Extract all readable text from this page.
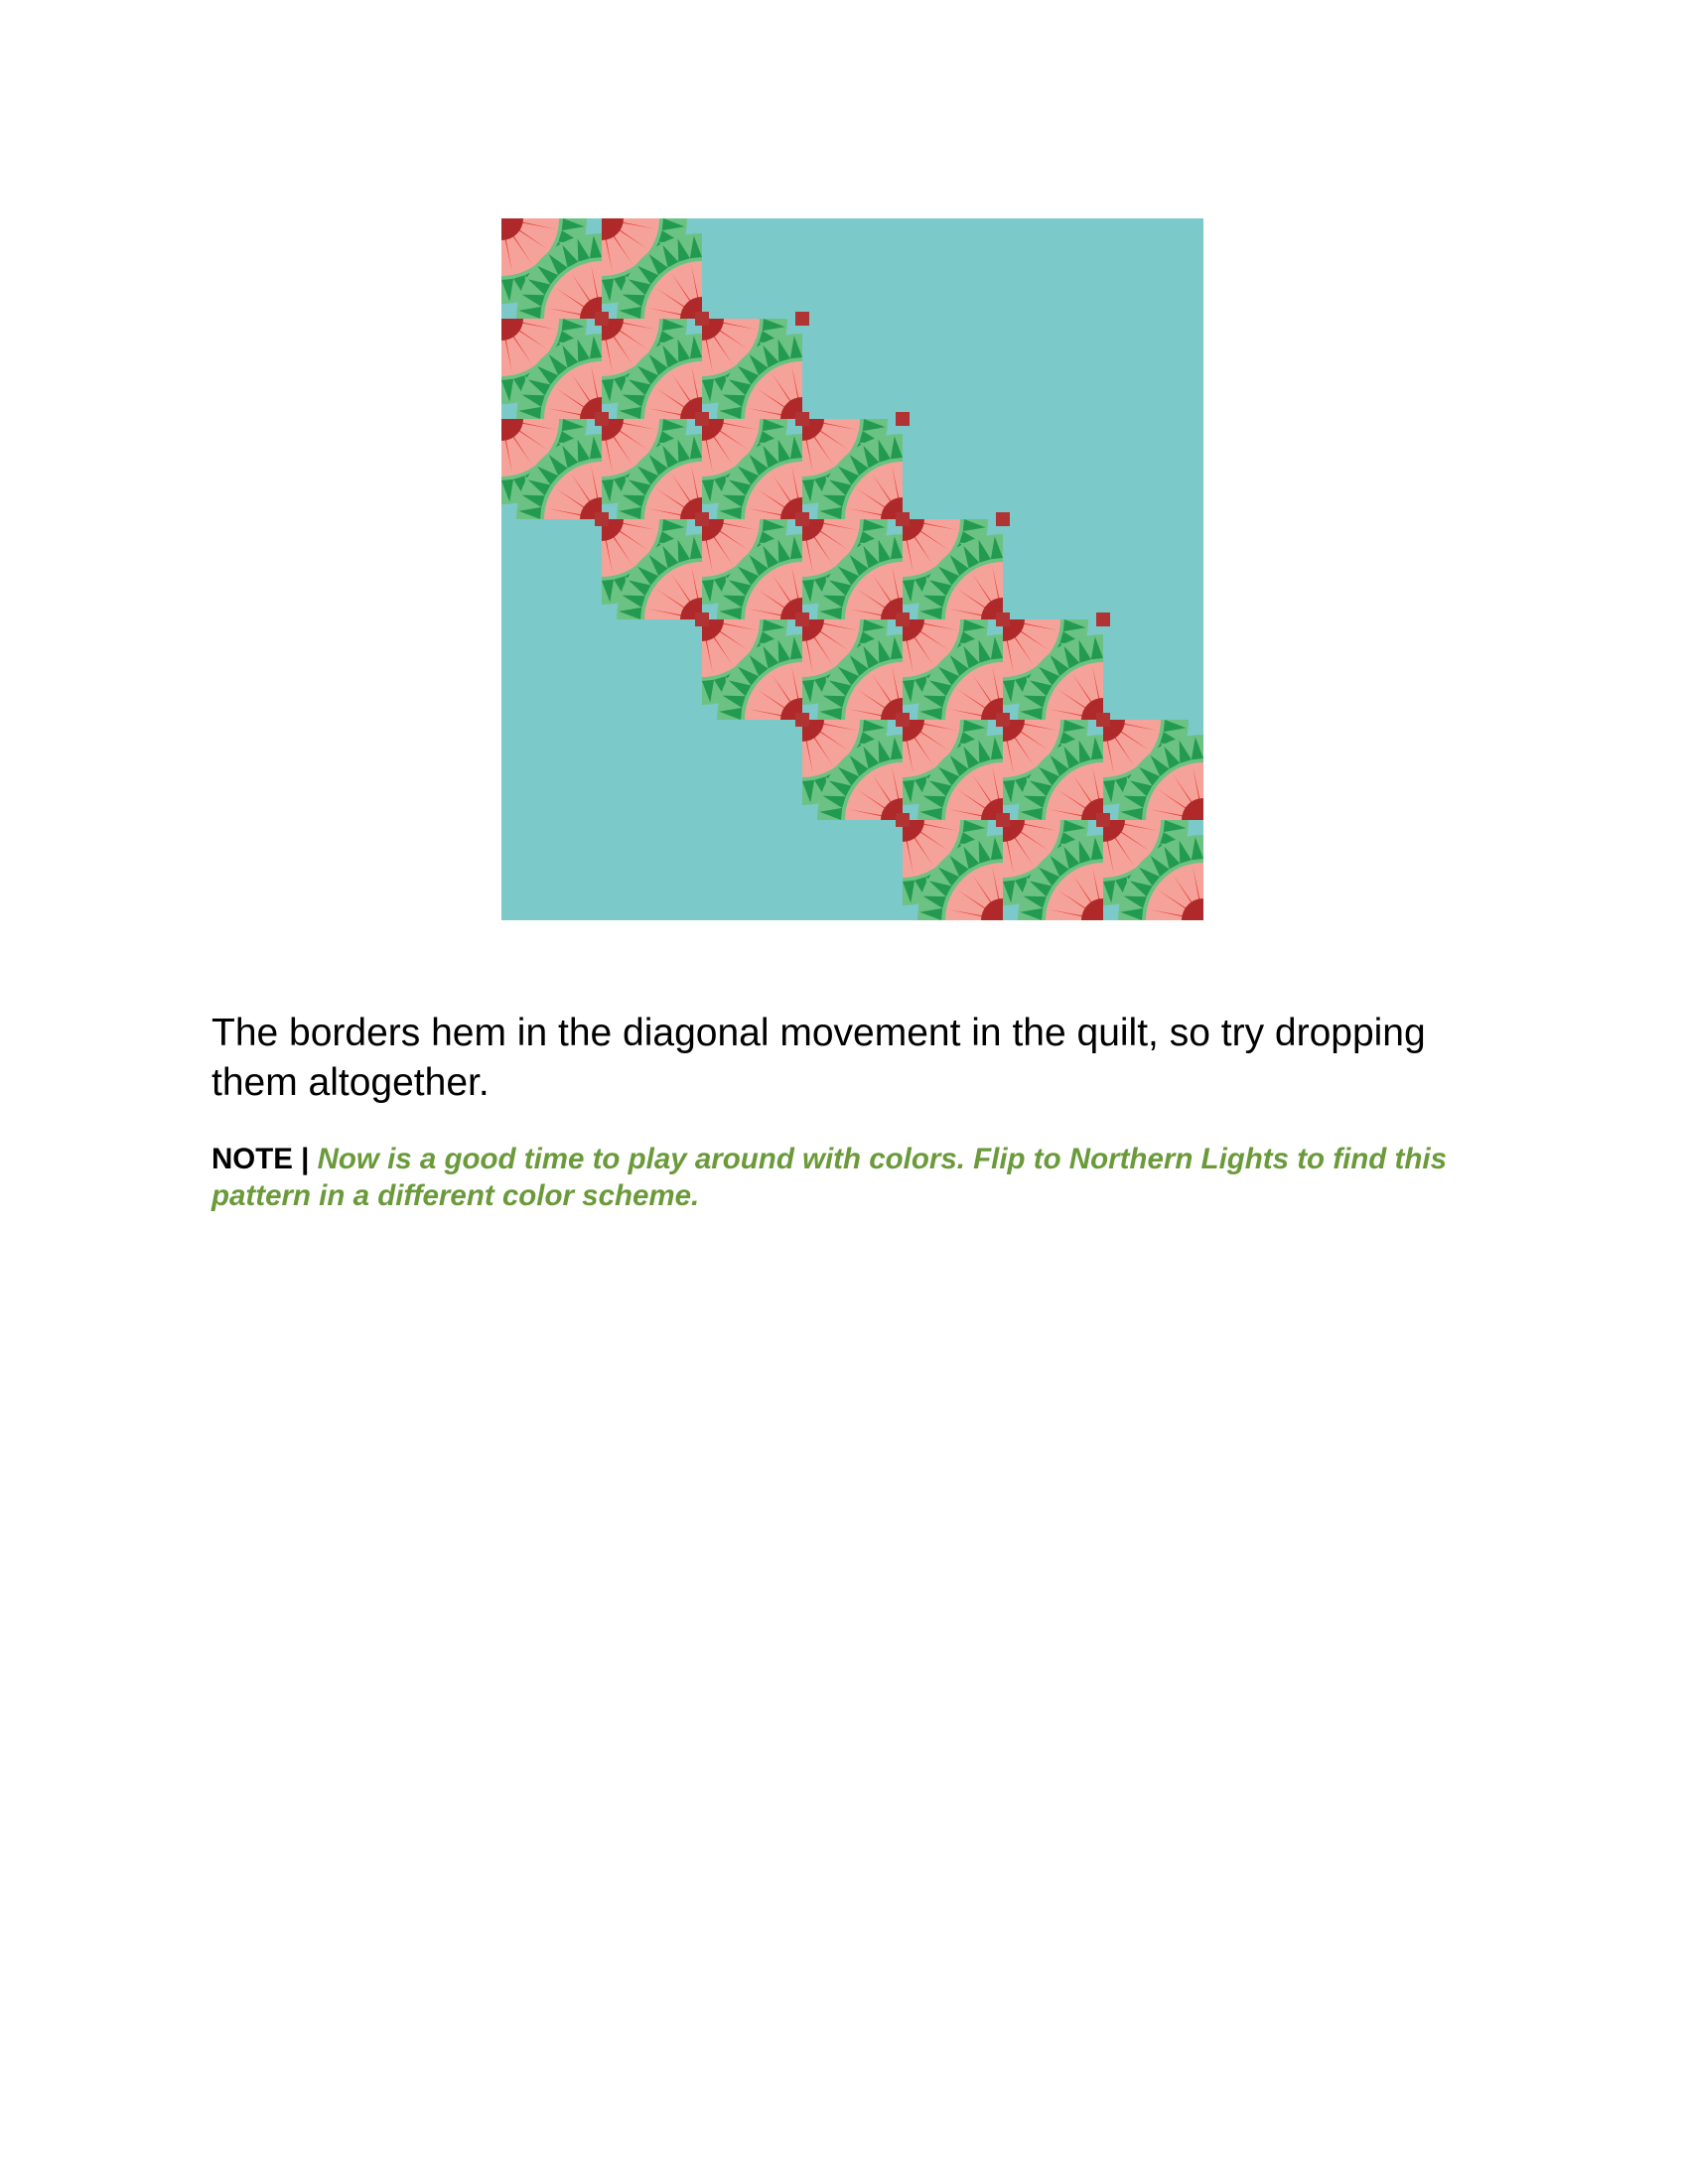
The borders hem in the diagonal movement in the quilt, so try dropping them altogether.

NOTE | Now is a good time to play around with colors. Flip to Northern Lights to find this pattern in a different color scheme.
